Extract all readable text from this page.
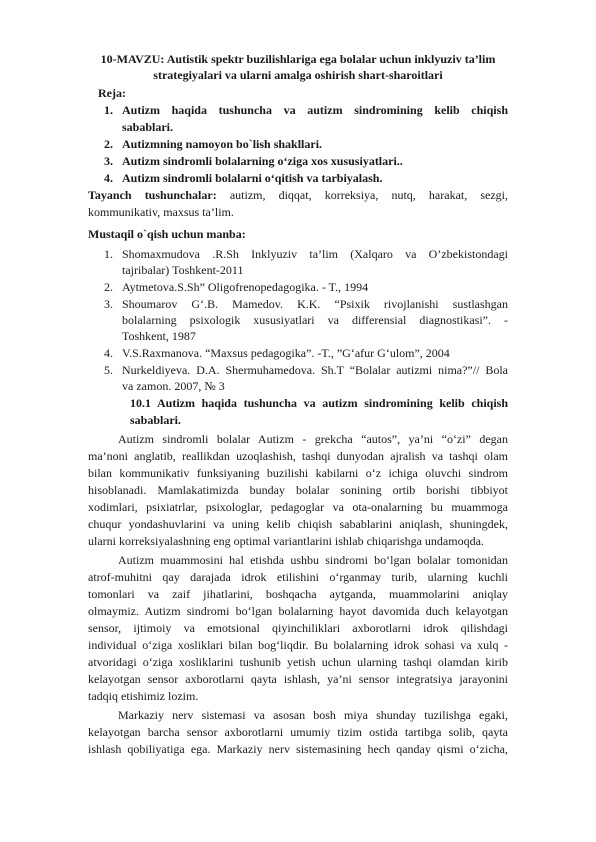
10-MAVZU: Autistik spektr buzilishlariga ega bolalar uchun inklyuziv ta’lim
strategiyalari va ularni amalga oshirish shart-sharoitlari
Reja:
1. Autizm haqida tushuncha va autizm sindromining kelib chiqish
sabablari.
2. Autizmning namoyon bo`lish shakllari.
3. Autizm sindromli bolalarning o‘ziga xos xususiyatlari..
4. Autizm sindromli bolalarni o‘qitish va tarbiyalash.
Tayanch tushunchalar: autizm, diqqat, korreksiya, nutq, harakat, sezgi,
kommunikativ, maxsus ta’lim.
Mustaqil o`qish uchun manba:
1. Shomaxmudova .R.Sh Inklyuziv ta’lim (Xalqaro va O’zbekistondagi
tajribalar) Toshkent-2011
2. Aytmetova.S.Sh” Oligofrenopedagogika. - T., 1994
3. Shoumarov G‘.B. Mamedov. K.K. “Psixik rivojlanishi sustlashgan
bolalarning psixologik xususiyatlari va differensial diagnostikasi”. -
Toshkent, 1987
4. V.S.Raxmanova. “Maxsus pedagogika”. -T., ”G‘afur G‘ulom”, 2004
5. Nurkeldiyeva. D.A. Shermuhamedova. Sh.T “Bolalar autizmi nima?”// Bola
va zamon. 2007, № 3
10.1 Autizm haqida tushuncha va autizm sindromining kelib chiqish
sabablari.
Autizm sindromli bolalar Autizm - grekcha “autos”, ya’ni “o‘zi” degan
ma’noni anglatib, reallikdan uzoqlashish, tashqi dunyodan ajralish va tashqi olam
bilan kommunikativ funksiyaning buzilishi kabilarni o‘z ichiga oluvchi sindrom
hisoblanadi. Mamlakatimizda bunday bolalar sonining ortib borishi tibbiyot
xodimlari, psixiatrlar, psixologlar, pedagoglar va ota-onalarning bu muammoga
chuqur yondashuvlarini va uning kelib chiqish sabablarini aniqlash, shuningdek,
ularni korreksiyalashning eng optimal variantlarini ishlab chiqarishga undamoqda.
Autizm muammosini hal etishda ushbu sindromi bo‘lgan bolalar tomonidan
atrof-muhitni qay darajada idrok etilishini o‘rganmay turib, ularning kuchli
tomonlari va zaif jihatlarini, boshqacha aytganda, muammolarini aniqlay
olmaymiz. Autizm sindromi bo‘lgan bolalarning hayot davomida duch kelayotgan
sensor, ijtimoiy va emotsional qiyinchiliklari axborotlarni idrok qilishdagi
individual o‘ziga xosliklari bilan bog‘liqdir. Bu bolalarning idrok sohasi va xulq -
atvoridagi o‘ziga xosliklarini tushunib yetish uchun ularning tashqi olamdan kirib
kelayotgan sensor axborotlarni qayta ishlash, ya’ni sensor integratsiya jarayonini
tadqiq etishimiz lozim.
Markaziy nerv sistemasi va asosan bosh miya shunday tuzilishga egaki,
kelayotgan barcha sensor axborotlarni umumiy tizim ostida tartibga solib, qayta
ishlash qobiliyatiga ega. Markaziy nerv sistemasining hech qanday qismi o‘zicha,
